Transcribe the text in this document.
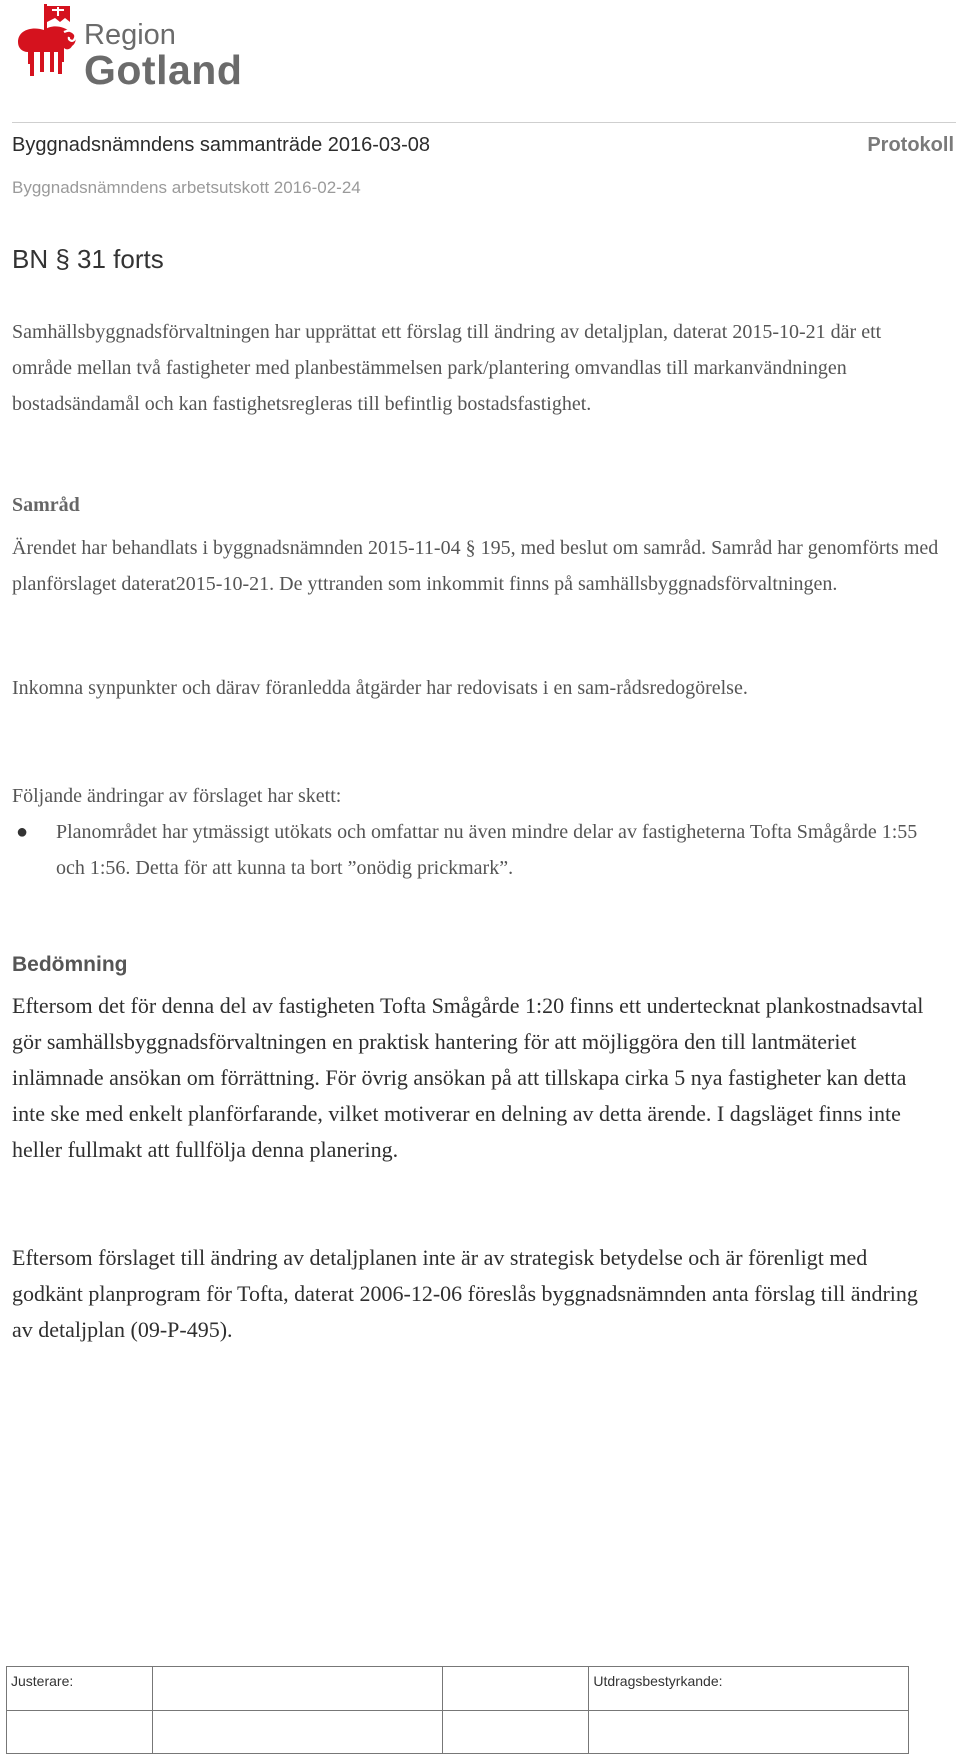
Region
Gotland
Byggnadsnämndens sammanträde 2016-03-08	Protokoll
Byggnadsnämndens arbetsutskott 2016-02-24
BN § 31 forts
Samhällsbyggnadsförvaltningen har upprättat ett förslag till ändring av detaljplan, daterat 2015-10-21 där ett område mellan två fastigheter med planbestämmelsen park/plantering omvandlas till markanvändningen bostadsändamål och kan fastighetsregleras till befintlig bostadsfastighet.
Samråd
Ärendet har behandlats i byggnadsnämnden 2015-11-04 § 195, med beslut om samråd. Samråd har genomförts med planförslaget daterat2015-10-21. De yttranden som inkommit finns på samhällsbyggnadsförvaltningen.
Inkomna synpunkter och därav föranledda åtgärder har redovisats i en sam-rådsredogörelse.
Följande ändringar av förslaget har skett:
●	Planområdet har ytmässigt utökats och omfattar nu även mindre delar av fastigheterna Tofta Smågårde 1:55 och 1:56. Detta för att kunna ta bort ”onödig prickmark”.
Bedömning
Eftersom det för denna del av fastigheten Tofta Smågårde 1:20 finns ett undertecknat plankostnadsavtal gör samhällsbyggnadsförvaltningen en praktisk hantering för att möjliggöra den till lantmäteriet inlämnade ansökan om förrättning. För övrig ansökan på att tillskapa cirka 5 nya fastigheter kan detta inte ske med enkelt planförfarande, vilket motiverar en delning av detta ärende. I dagsläget finns inte heller fullmakt att fullfölja denna planering.
Eftersom förslaget till ändring av detaljplanen inte är av strategisk betydelse och är förenligt med godkänt planprogram för Tofta, daterat 2006-12-06 föreslås byggnadsnämnden anta förslag till ändring av detaljplan (09-P-495).
Justerare:			Utdragsbestyrkande:
